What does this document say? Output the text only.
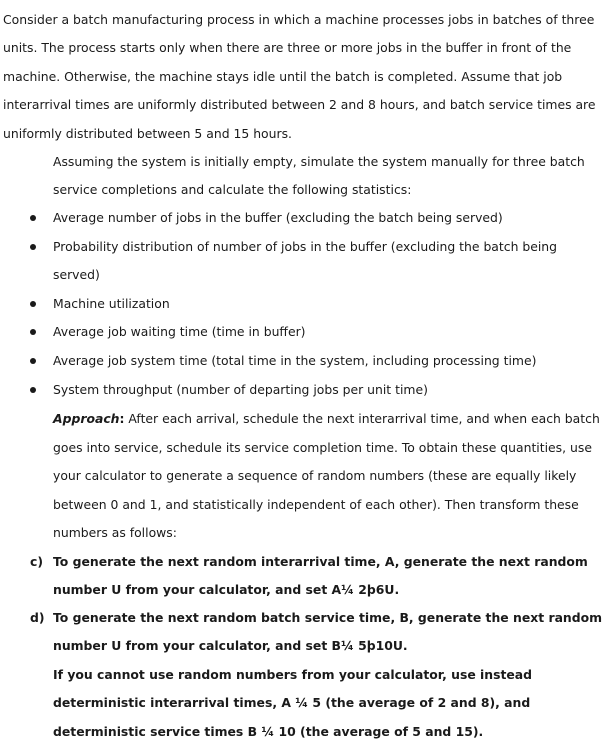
Consider a batch manufacturing process in which a machine processes jobs in batches of three units. The process starts only when there are three or more jobs in the buffer in front of the machine. Otherwise, the machine stays idle until the batch is completed. Assume that job interarrival times are uniformly distributed between 2 and 8 hours, and batch service times are uniformly distributed between 5 and 15 hours.
Assuming the system is initially empty, simulate the system manually for three batch service completions and calculate the following statistics:
Average number of jobs in the buffer (excluding the batch being served)
Probability distribution of number of jobs in the buffer (excluding the batch being served)
Machine utilization
Average job waiting time (time in buffer)
Average job system time (total time in the system, including processing time)
System throughput (number of departing jobs per unit time)
Approach: After each arrival, schedule the next interarrival time, and when each batch goes into service, schedule its service completion time. To obtain these quantities, use your calculator to generate a sequence of random numbers (these are equally likely between 0 and 1, and statistically independent of each other). Then transform these numbers as follows:
c) To generate the next random interarrival time, A, generate the next random number U from your calculator, and set A¼ 2þ6U.
d) To generate the next random batch service time, B, generate the next random number U from your calculator, and set B¼ 5þ10U.
If you cannot use random numbers from your calculator, use instead deterministic interarrival times, A ¼ 5 (the average of 2 and 8), and deterministic service times B ¼ 10 (the average of 5 and 15).
